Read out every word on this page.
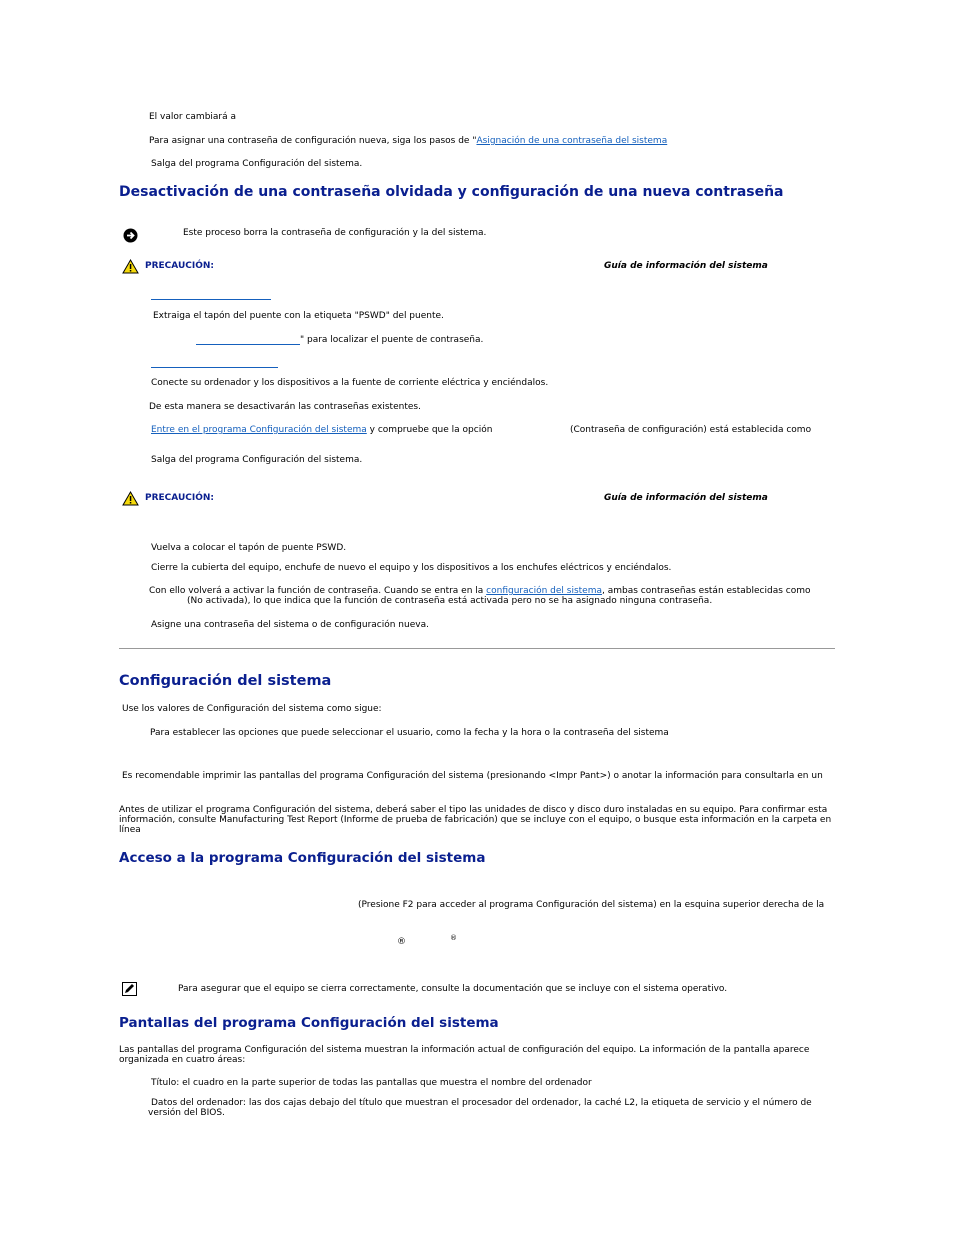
El valor cambiará a
Para asignar una contraseña de configuración nueva, siga los pasos de "Asignación de una contraseña del sistema
Salga del programa Configuración del sistema.
Desactivación de una contraseña olvidada y configuración de una nueva contraseña
Este proceso borra la contraseña de configuración y la del sistema.
PRECAUCIÓN:	Guía de información del sistema
Extraiga el tapón del puente con la etiqueta "PSWD" del puente.
" para localizar el puente de contraseña.
Conecte su ordenador y los dispositivos a la fuente de corriente eléctrica y enciéndalos.
De esta manera se desactivarán las contraseñas existentes.
Entre en el programa Configuración del sistema y compruebe que la opción	(Contraseña de configuración) está establecida como
Salga del programa Configuración del sistema.
PRECAUCIÓN:	Guía de información del sistema
Vuelva a colocar el tapón de puente PSWD.
Cierre la cubierta del equipo, enchufe de nuevo el equipo y los dispositivos a los enchufes eléctricos y enciéndalos.
Con ello volverá a activar la función de contraseña. Cuando se entra en la configuración del sistema, ambas contraseñas están establecidas como
(No activada), lo que indica que la función de contraseña está activada pero no se ha asignado ninguna contraseña.
Asigne una contraseña del sistema o de configuración nueva.
Configuración del sistema
Use los valores de Configuración del sistema como sigue:
Para establecer las opciones que puede seleccionar el usuario, como la fecha y la hora o la contraseña del sistema
Es recomendable imprimir las pantallas del programa Configuración del sistema (presionando <Impr Pant>) o anotar la información para consultarla en un
Antes de utilizar el programa Configuración del sistema, deberá saber el tipo las unidades de disco y disco duro instaladas en su equipo. Para confirmar esta información, consulte Manufacturing Test Report (Informe de prueba de fabricación) que se incluye con el equipo, o busque esta información en la carpeta en línea
Acceso a la programa Configuración del sistema
(Presione F2 para acceder al programa Configuración del sistema) en la esquina superior derecha de la
®	®
Para asegurar que el equipo se cierra correctamente, consulte la documentación que se incluye con el sistema operativo.
Pantallas del programa Configuración del sistema
Las pantallas del programa Configuración del sistema muestran la información actual de configuración del equipo. La información de la pantalla aparece organizada en cuatro áreas:
Título: el cuadro en la parte superior de todas las pantallas que muestra el nombre del ordenador
Datos del ordenador: las dos cajas debajo del título que muestran el procesador del ordenador, la caché L2, la etiqueta de servicio y el número de versión del BIOS.
